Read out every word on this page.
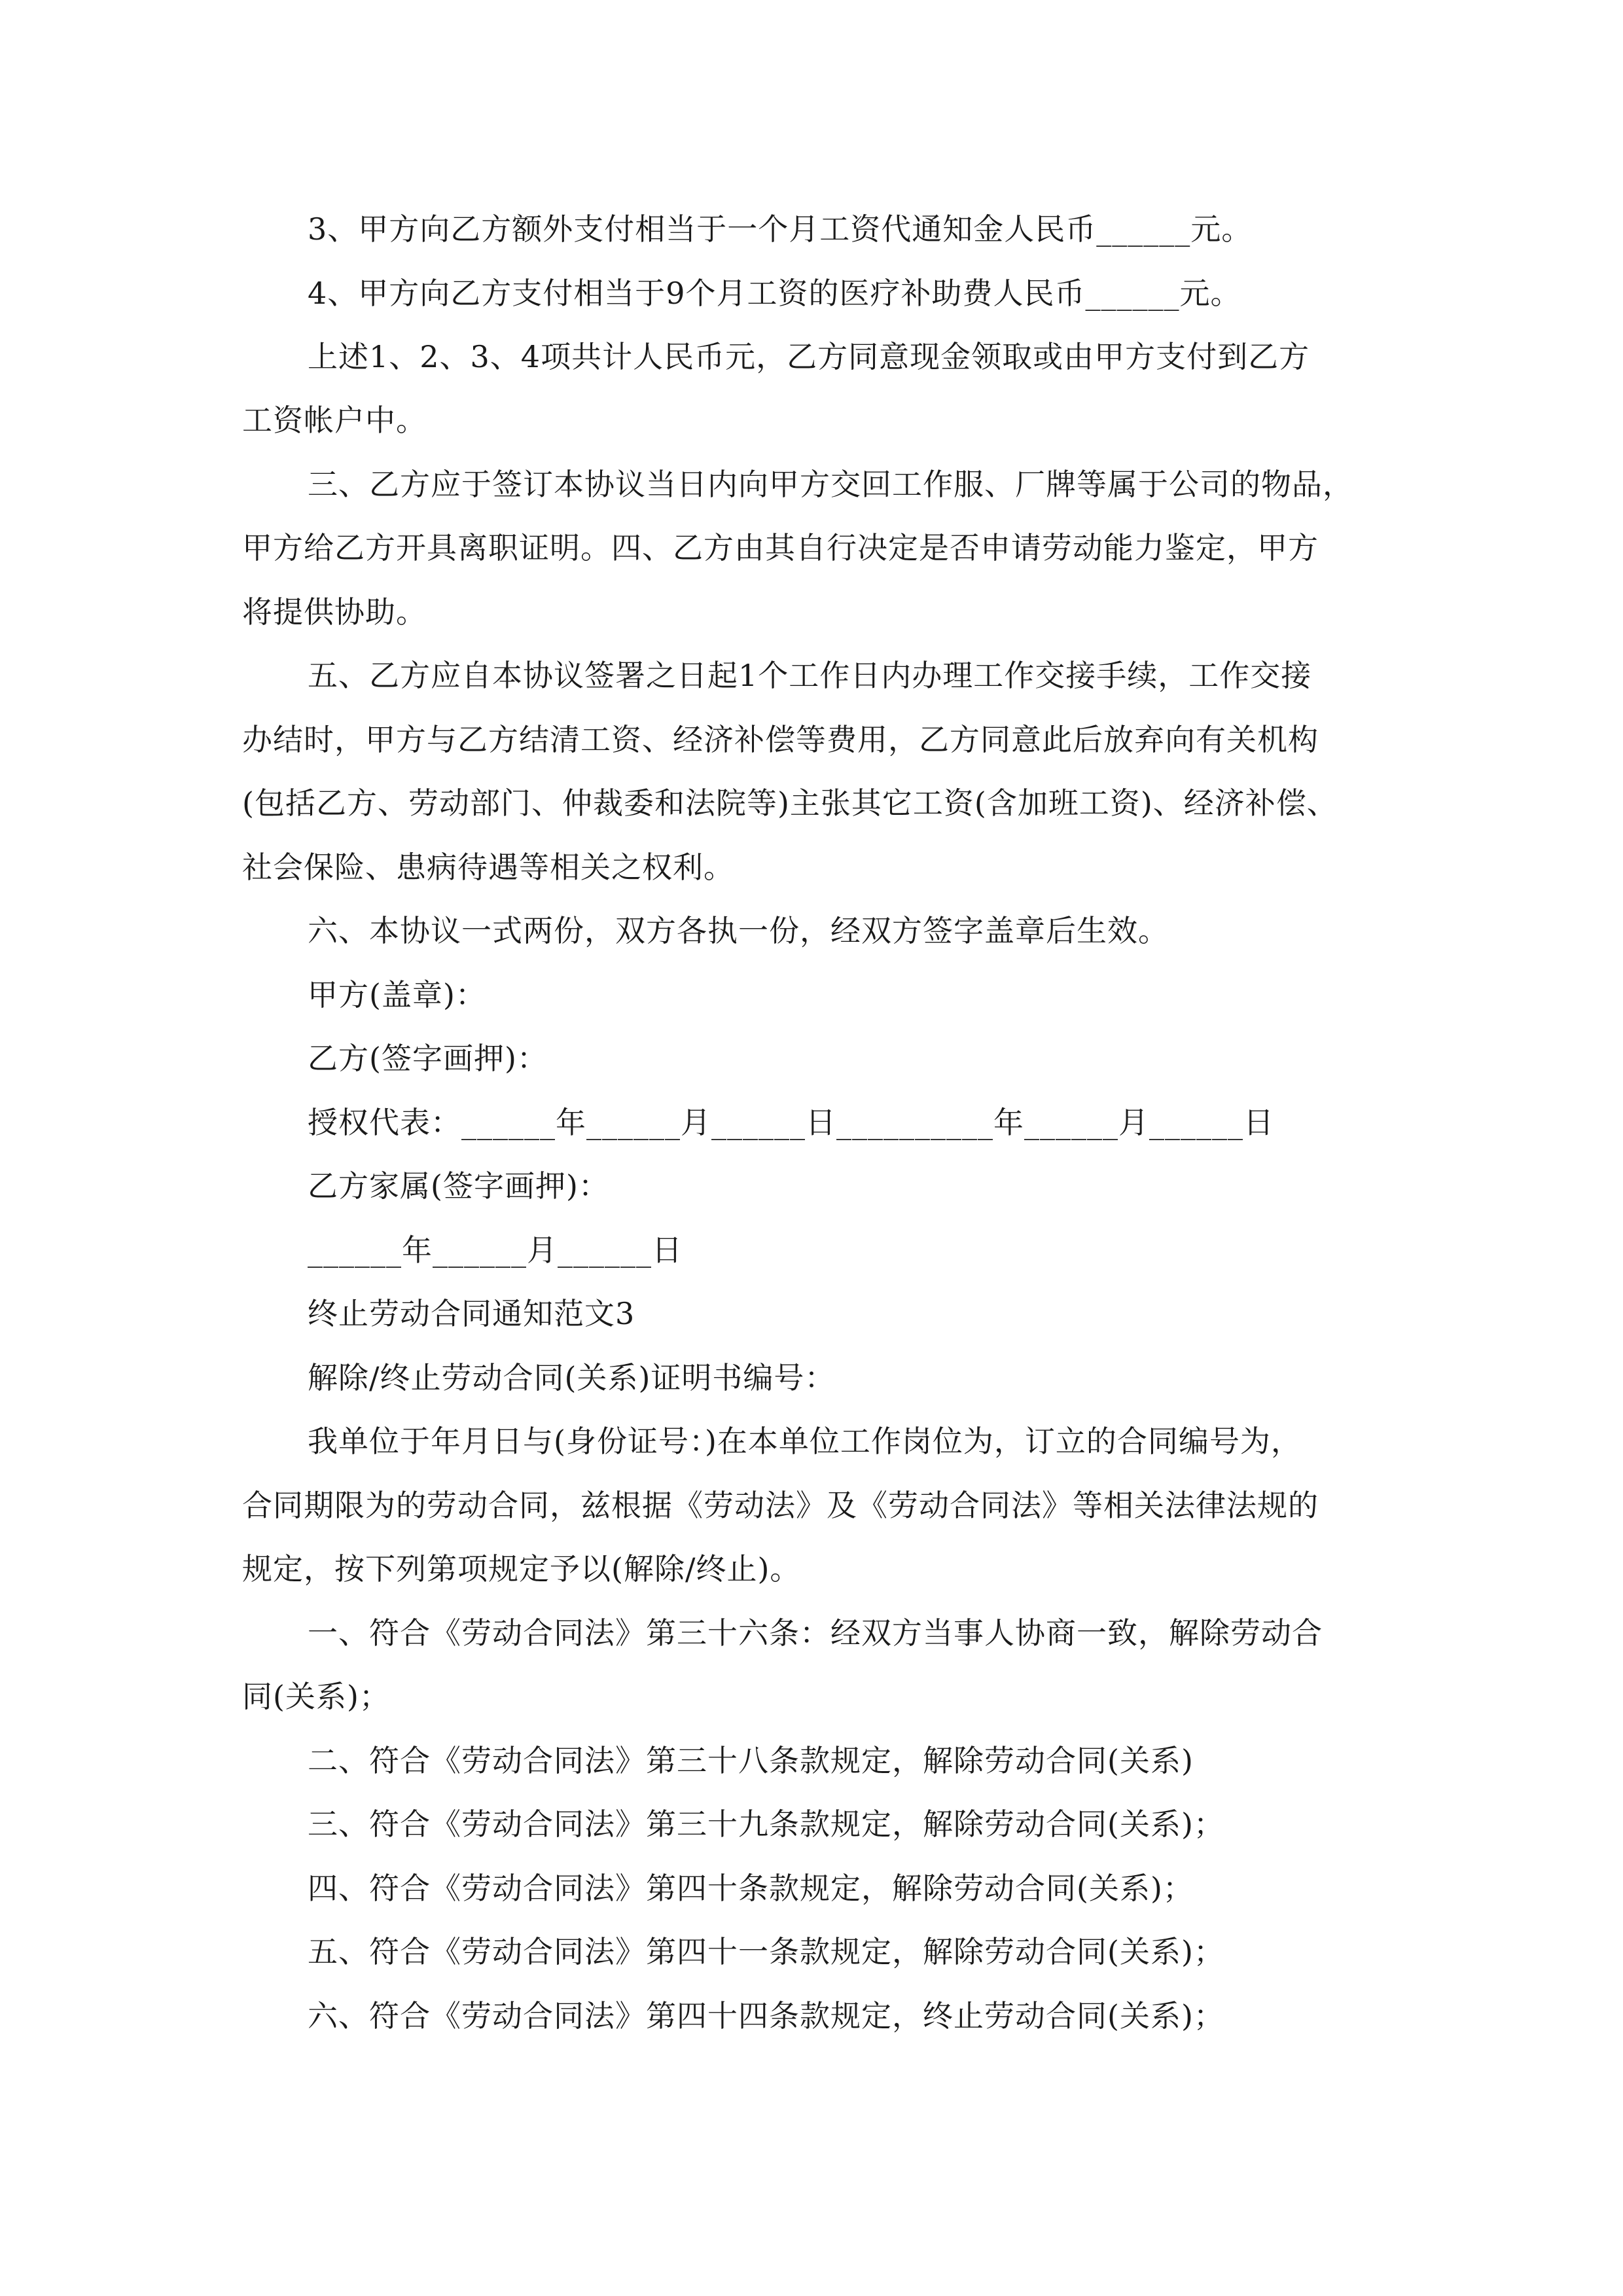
3、甲方向乙方额外支付相当于一个月工资代通知金人民币______元。
4、甲方向乙方支付相当于9个月工资的医疗补助费人民币______元。
上述1、2、3、4项共计人民币元，乙方同意现金领取或由甲方支付到乙方
工资帐户中。
三、乙方应于签订本协议当日内向甲方交回工作服、厂牌等属于公司的物品，
甲方给乙方开具离职证明。四、乙方由其自行决定是否申请劳动能力鉴定，甲方
将提供协助。
五、乙方应自本协议签署之日起1个工作日内办理工作交接手续，工作交接
办结时，甲方与乙方结清工资、经济补偿等费用，乙方同意此后放弃向有关机构
(包括乙方、劳动部门、仲裁委和法院等)主张其它工资(含加班工资)、经济补偿、
社会保险、患病待遇等相关之权利。
六、本协议一式两份，双方各执一份，经双方签字盖章后生效。
甲方(盖章)：
乙方(签字画押)：
授权代表：______年______月______日__________年______月______日
乙方家属(签字画押)：
______年______月______日
终止劳动合同通知范文3
解除/终止劳动合同(关系)证明书编号：
我单位于年月日与(身份证号：)在本单位工作岗位为，订立的合同编号为，
合同期限为的劳动合同，兹根据《劳动法》及《劳动合同法》等相关法律法规的
规定，按下列第项规定予以(解除/终止)。
一、符合《劳动合同法》第三十六条：经双方当事人协商一致，解除劳动合
同(关系)；
二、符合《劳动合同法》第三十八条款规定，解除劳动合同(关系)
三、符合《劳动合同法》第三十九条款规定，解除劳动合同(关系)；
四、符合《劳动合同法》第四十条款规定，解除劳动合同(关系)；
五、符合《劳动合同法》第四十一条款规定，解除劳动合同(关系)；
六、符合《劳动合同法》第四十四条款规定，终止劳动合同(关系)；
